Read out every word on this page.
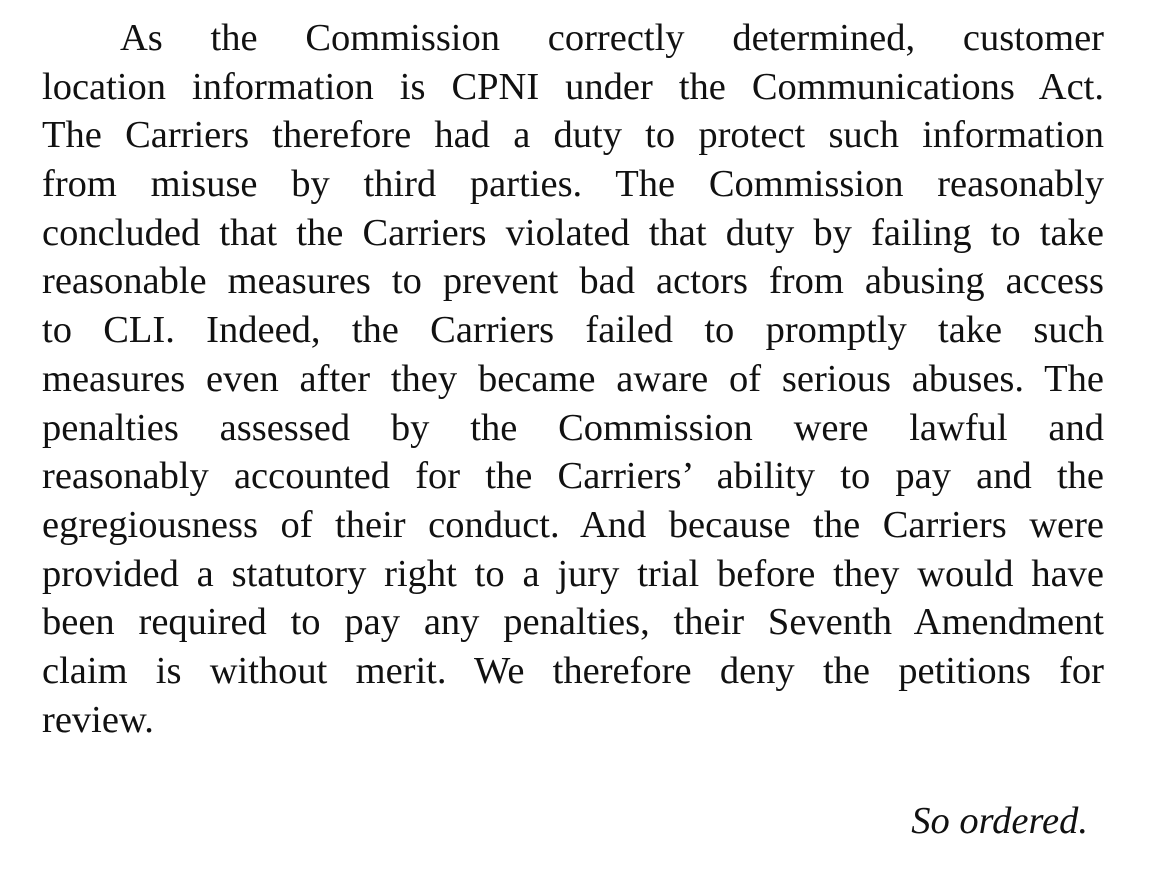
As the Commission correctly determined, customer
location information is CPNI under the Communications Act.
The Carriers therefore had a duty to protect such information
from misuse by third parties. The Commission reasonably
concluded that the Carriers violated that duty by failing to take
reasonable measures to prevent bad actors from abusing access
to CLI. Indeed, the Carriers failed to promptly take such
measures even after they became aware of serious abuses. The
penalties assessed by the Commission were lawful and
reasonably accounted for the Carriers’ ability to pay and the
egregiousness of their conduct. And because the Carriers were
provided a statutory right to a jury trial before they would have
been required to pay any penalties, their Seventh Amendment
claim is without merit. We therefore deny the petitions for
review.
So ordered.
